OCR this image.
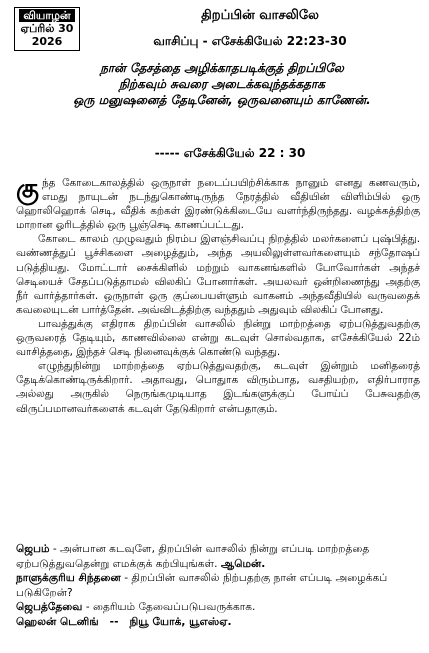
வியாழன்
ஏப்ரில் 30
2026
திறப்பின் வாசலிலே
வாசிப்பு - எசேக்கியேல் 22:23-30
நான் தேசத்தை அழிக்காதபடிக்குத் திறப்பிலே
நிற்கவும் சுவரை அடைக்கவுந்தக்கதாக
ஒரு மனுஷனைத் தேடினேன், ஒருவனையும் காணேன்.
----- எசேக்கியேல் 22 : 30

குந்த கோடைகாலத்தில் ஒருநாள் நடைப்பயிற்சிக்காக நானும் எனது கணவரும், எமது நாயுடன் நடந்துகொண்டிருந்த நேரத்தில் வீதியின் விளிம்பில் ஒரு ஹொலிஹொக் செடி, வீதிக் கற்கள் இரண்டுக்கிடையே வளர்ந்திருந்தது. வழக்கத்திற்கு மாறான ஓரிடத்தில் ஒரு பூஞ்செடி காணப்பட்டது.

கோடை காலம் முழுவதும் நிரம்ப இளஞ்சிவப்பு நிறத்தில் மலர்களைப் புஷ்பித்து. வண்ணத்துப் பூச்சிகளை அழைத்தும், அந்த அயலிலுள்ளவர்களையும் சந்தோஷப் படுத்தியது. மோட்டார் சைக்கிளில் மற்றும் வாகனங்களில் போவோர்கள் அந்தச் செடியைச் சேதப்படுத்தாமல் விலகிப் போனார்கள். அயலவர் ஒன்றிணைந்து அதற்கு நீர் வார்த்தார்கள். ஒருநாள் ஒரு குப்பையள்ளும் வாகனம் அந்தவீதியில் வருவதைக் கவலையுடன் பார்த்தேன். அவ்விடத்திற்கு வந்ததும் அதுவும் விலகிப் போனது.

பாவத்துக்கு எதிராக திறப்பின் வாசலில் நின்று மாற்றத்தை ஏற்படுத்துவதற்கு ஒருவரைத் தேடியும், காணவில்லை என்று கடவுள் சொல்வதாக, எசேக்கியேல் 22ம் வாசித்ததை, இந்தச் செடி நினைவுக்குக் கொண்டு வந்தது.

எழுந்துநின்று மாற்றத்தை ஏற்படுத்துவதற்கு, கடவுள் இன்றும் மனிதரைத் தேடிக்கொண்டிருக்கிறார். அதாவது, பொதுாக விரும்பாத, வசதியற்ற, எதிர்பாராத அல்லது அருகில் நெருங்கமுடியாத இடங்களுக்குப் போய்ப் பேசுவதற்கு விருப்பமானவர்களைக் கடவுள் தேடுகிறார் என்பதாகும்.

ஜெபம் - அன்பான கடவுளே, திறப்பின் வாசலில் நின்று எப்படி மாற்றத்தை ஏற்படுத்துவதென்று எமக்குக் கற்பியுங்கள். ஆமென்.

நாளுக்குரிய சிந்தனை - திறப்பின் வாசலில் நிற்பதற்கு நான் எப்படி அழைக்கப் படுகிறேன்?

ஜெபத்தேவை - தைரியம் தேவைப்படுபவருக்காக.

ஹெலன் டெனிங்   --   நியூ யோக், யூஎஸ்ஏ.
